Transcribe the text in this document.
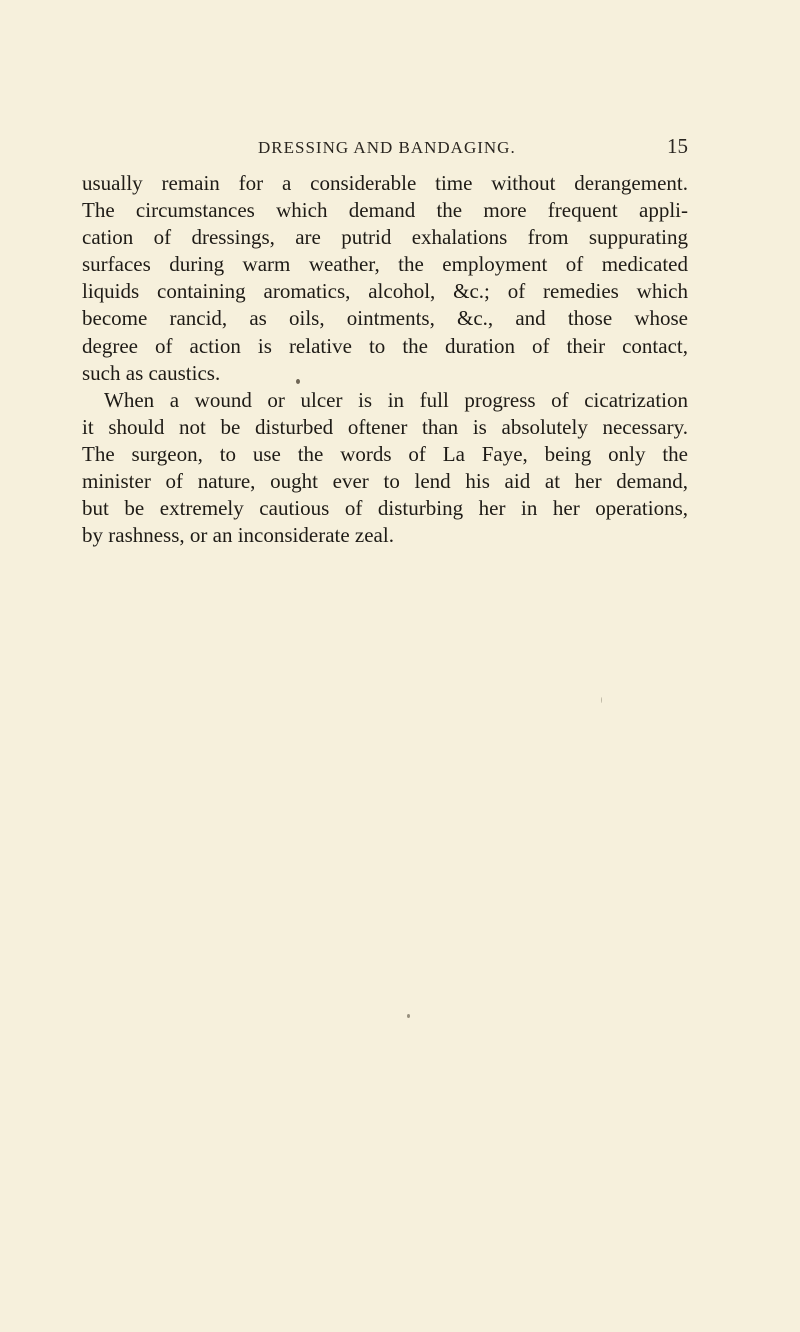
DRESSING AND BANDAGING.	15
usually remain for a considerable time without derangement.
The circumstances which demand the more frequent appli-
cation of dressings, are putrid exhalations from suppurating
surfaces during warm weather, the employment of medicated
liquids containing aromatics, alcohol, &c.; of remedies which
become rancid, as oils, ointments, &c., and those whose
degree of action is relative to the duration of their contact,
such as caustics.
When a wound or ulcer is in full progress of cicatrization
it should not be disturbed oftener than is absolutely necessary.
The surgeon, to use the words of La Faye, being only the
minister of nature, ought ever to lend his aid at her demand,
but be extremely cautious of disturbing her in her operations,
by rashness, or an inconsiderate zeal.
